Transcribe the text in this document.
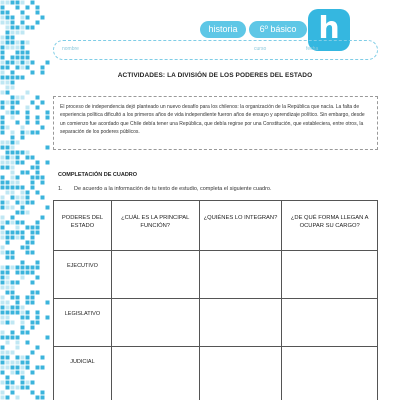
historia	6º básico h
nombre	curso	fecha
ACTIVIDADES: LA DIVISIÓN DE LOS PODERES DEL ESTADO

El proceso de independencia dejó planteado un nuevo desafío para los chilenos: la organización de la República que nacía. La falta de experiencia política dificultó a los primeros años de vida independiente fueron años de ensayo y aprendizaje político. Sin embargo, desde un comienzo fue acordado que Chile debía tener una República, que debía regirse por una Constitución, que estableciera, entre otros, la separación de los poderes públicos.

COMPLETACIÓN DE CUADRO
1. De acuerdo a la información de tu texto de estudio, completa el siguiente cuadro.
PODERES DEL ESTADO	¿CUÁL ES LA PRINCIPAL FUNCIÓN?	¿QUIÉNES LO INTEGRAN?	¿DE QUÉ FORMA LLEGAN A OCUPAR SU CARGO?
EJECUTIVO			
LEGISLATIVO			
JUDICIAL			
